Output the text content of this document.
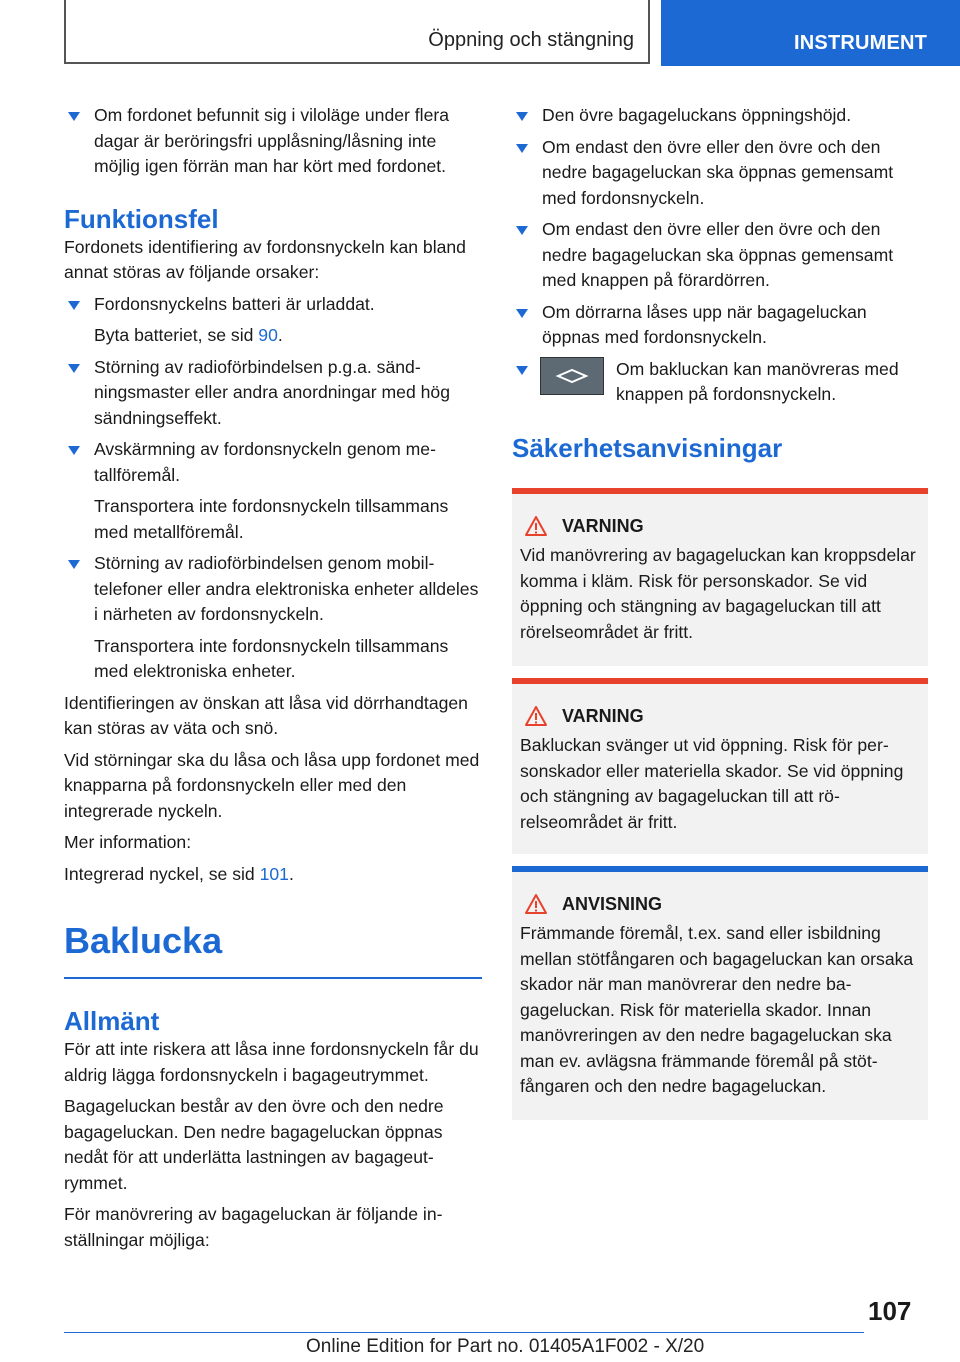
Öppning och stängning	INSTRUMENT

Om fordonet befunnit sig i viloläge under flera dagar är beröringsfri upplåsning/låsning inte möjlig igen förrän man har kört med fordonet.

Funktionsfel

Fordonets identifiering av fordonsnyckeln kan bland annat störas av följande orsaker:

Fordonsnyckelns batteri är urladdat.

Byta batteriet, se sid 90.

Störning av radioförbindelsen p.g.a. sändningsmaster eller andra anordningar med hög sändningseffekt.

Avskärmning av fordonsnyckeln genom metallföremål.

Transportera inte fordonsnyckeln tillsammans med metallföremål.

Störning av radioförbindelsen genom mobiltelefoner eller andra elektroniska enheter alldeles i närheten av fordonsnyckeln.

Transportera inte fordonsnyckeln tillsammans med elektroniska enheter.

Identifieringen av önskan att låsa vid dörrhandtagen kan störas av väta och snö.

Vid störningar ska du låsa och låsa upp fordonet med knapparna på fordonsnyckeln eller med den integrerade nyckeln.

Mer information:

Integrerad nyckel, se sid 101.

Baklucka
Allmänt

För att inte riskera att låsa inne fordonsnyckeln får du aldrig lägga fordonsnyckeln i bagageutrymmet.

Bagageluckan består av den övre och den nedre bagageluckan. Den nedre bagageluckan öppnas nedåt för att underlätta lastningen av bagageutrymmet.

För manövrering av bagageluckan är följande inställningar möjliga:

Den övre bagageluckans öppningshöjd.

Om endast den övre eller den övre och den nedre bagageluckan ska öppnas gemensamt med fordonsnyckeln.

Om endast den övre eller den övre och den nedre bagageluckan ska öppnas gemensamt med knappen på förardörren.

Om dörrarna låses upp när bagageluckan öppnas med fordonsnyckeln.

Om bakluckan kan manövreras med knappen på fordonsnyckeln.

Säkerhetsanvisningar
VARNING

Vid manövrering av bagageluckan kan kroppsdelar komma i kläm. Risk för personskador. Se vid öppning och stängning av bagageluckan till att rörelseområdet är fritt.

VARNING

Bakluckan svänger ut vid öppning. Risk för personskador eller materiella skador. Se vid öppning och stängning av bagageluckan till att rörelseområdet är fritt.

ANVISNING

Främmande föremål, t.ex. sand eller isbildning mellan stötfångaren och bagageluckan kan orsaka skador när man manövrerar den nedre bagageluckan. Risk för materiella skador. Innan manövreringen av den nedre bagageluckan ska man ev. avlägsna främmande föremål på stötfångaren och den nedre bagageluckan.

107
Online Edition for Part no. 01405A1F002 - X/20
